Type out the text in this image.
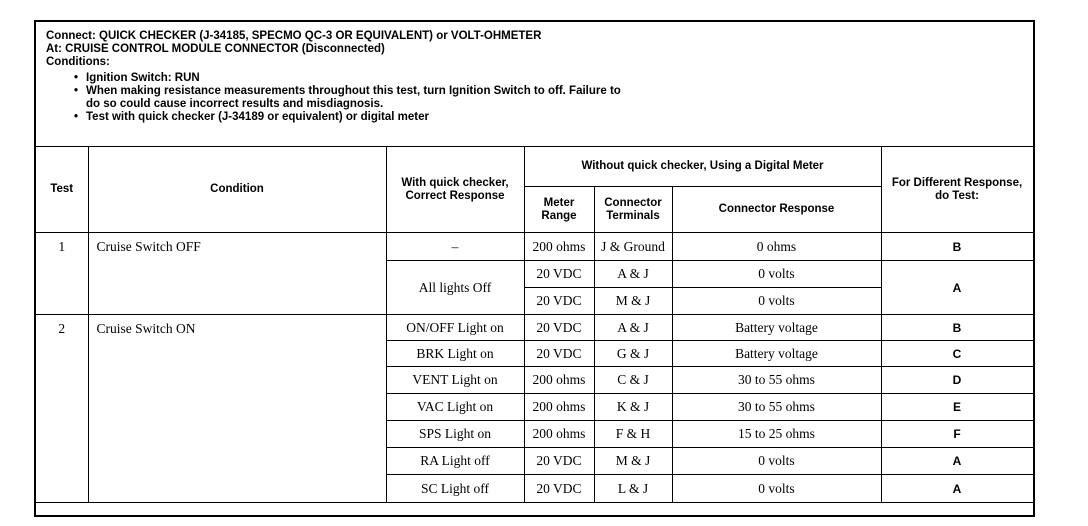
Connect: QUICK CHECKER (J-34185, SPECMO QC-3 OR EQUIVALENT) or VOLT-OHMETER
At: CRUISE CONTROL MODULE CONNECTOR (Disconnected)
Conditions:
• Ignition Switch: RUN
• When making resistance measurements throughout this test, turn Ignition Switch to off. Failure to
do so could cause incorrect results and misdiagnosis.
• Test with quick checker (J-34189 or equivalent) or digital meter
Test	Condition	With quick checker, Correct Response	Without quick checker, Using a Digital Meter			For Different Response, do Test:
			Meter Range	Connector Terminals	Connector Response	
1	Cruise Switch OFF	–	200 ohms	J & Ground	0 ohms	B
		All lights Off	20 VDC	A & J	0 volts	A
			20 VDC	M & J	0 volts	
2	Cruise Switch ON	ON/OFF Light on	20 VDC	A & J	Battery voltage	B
		BRK Light on	20 VDC	G & J	Battery voltage	C
		VENT Light on	200 ohms	C & J	30 to 55 ohms	D
		VAC Light on	200 ohms	K & J	30 to 55 ohms	E
		SPS Light on	200 ohms	F & H	15 to 25 ohms	F
		RA Light off	20 VDC	M & J	0 volts	A
		SC Light off	20 VDC	L & J	0 volts	A
